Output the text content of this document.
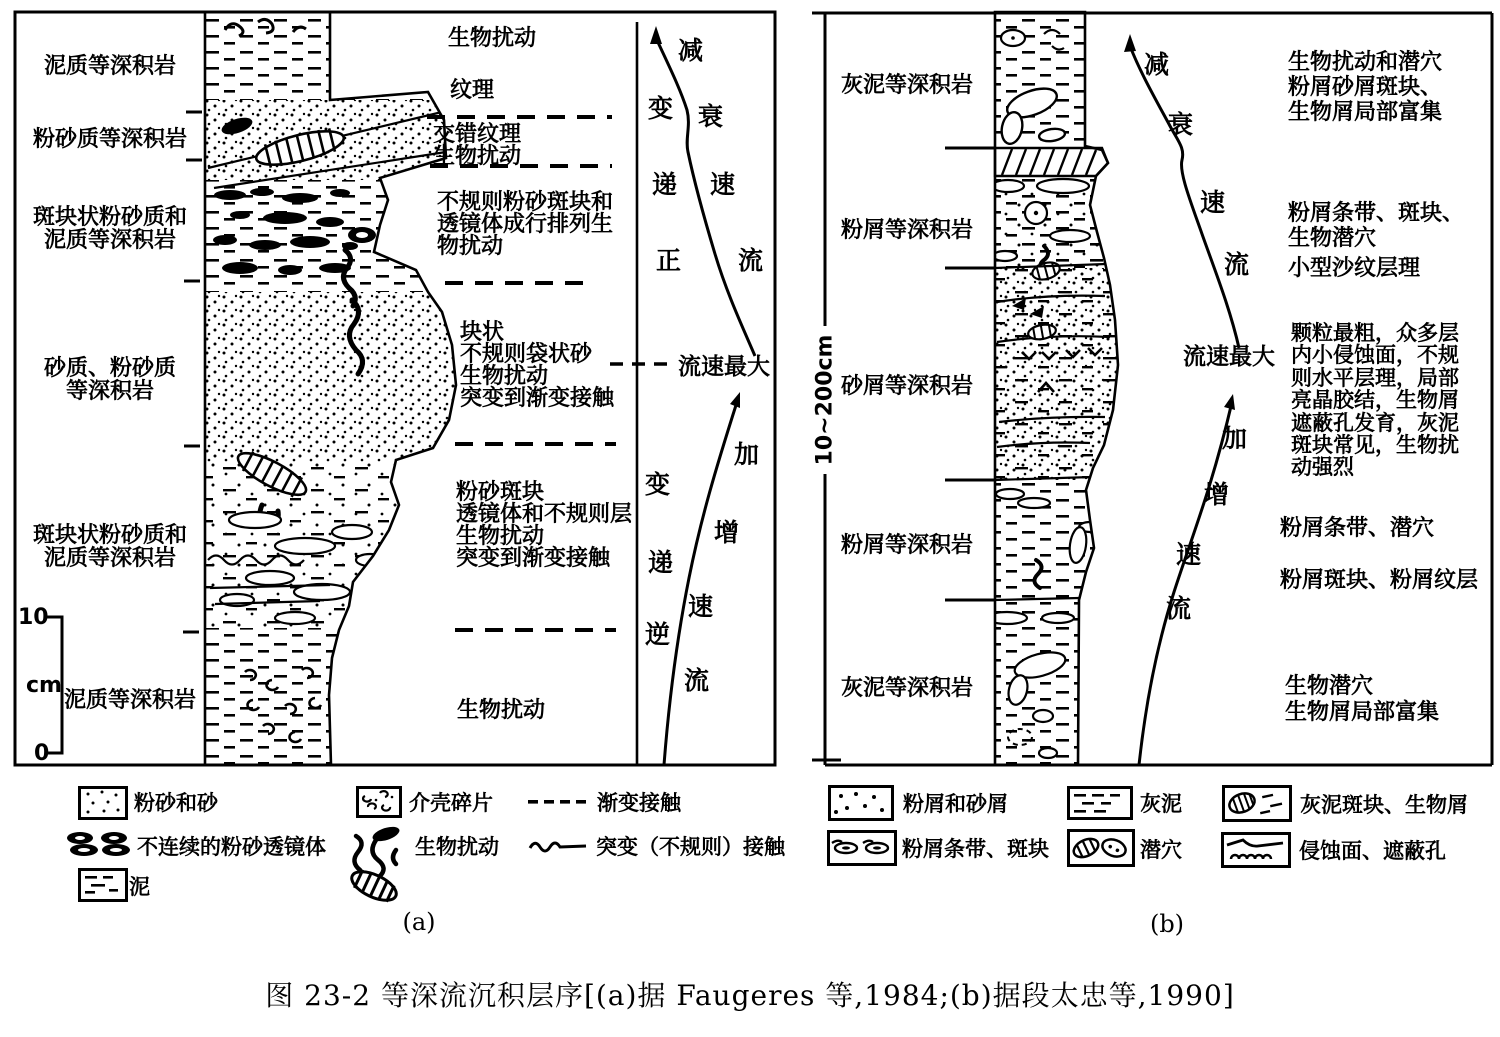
泥质等深积岩
粉砂质等深积岩
斑块状粉砂质和
泥质等深积岩
砂质、粉砂质
等深积岩
斑块状粉砂质和
泥质等深积岩
泥质等深积岩
10
cm
0
生物扰动
纹理
交错纹理
生物扰动
不规则粉砂斑块和
透镜体成行排列生
物扰动
块状
不规则袋状砂
生物扰动
突变到渐变接触
粉砂斑块
透镜体和不规则层
生物扰动
突变到渐变接触
生物扰动
变
递
正
减
衰
速
流
流速最大
变
递
逆
加
增
速
流
10~200cm
灰泥等深积岩
粉屑等深积岩
砂屑等深积岩
粉屑等深积岩
灰泥等深积岩
生物扰动和潜穴
粉屑砂屑斑块、
生物屑局部富集
粉屑条带、斑块、
生物潜穴
小型沙纹层理
颗粒最粗，众多层
内小侵蚀面，不规
则水平层理，局部
亮晶胶结，生物屑
遮蔽孔发育，灰泥
斑块常见，生物扰
动强烈
粉屑条带、潜穴
粉屑斑块、粉屑纹层
生物潜穴
生物屑局部富集
减
衰
速
流
流速最大
加
增
速
流
粉砂和砂	介壳碎片	渐变接触
不连续的粉砂透镜体	生物扰动	突变（不规则）接触
泥
(a)
粉屑和砂屑	灰泥	灰泥斑块、生物屑
粉屑条带、斑块	潜穴	侵蚀面、遮蔽孔
(b)
图 23-2 等深流沉积层序[(a)据 Faugeres 等,1984;(b)据段太忠等,1990]
